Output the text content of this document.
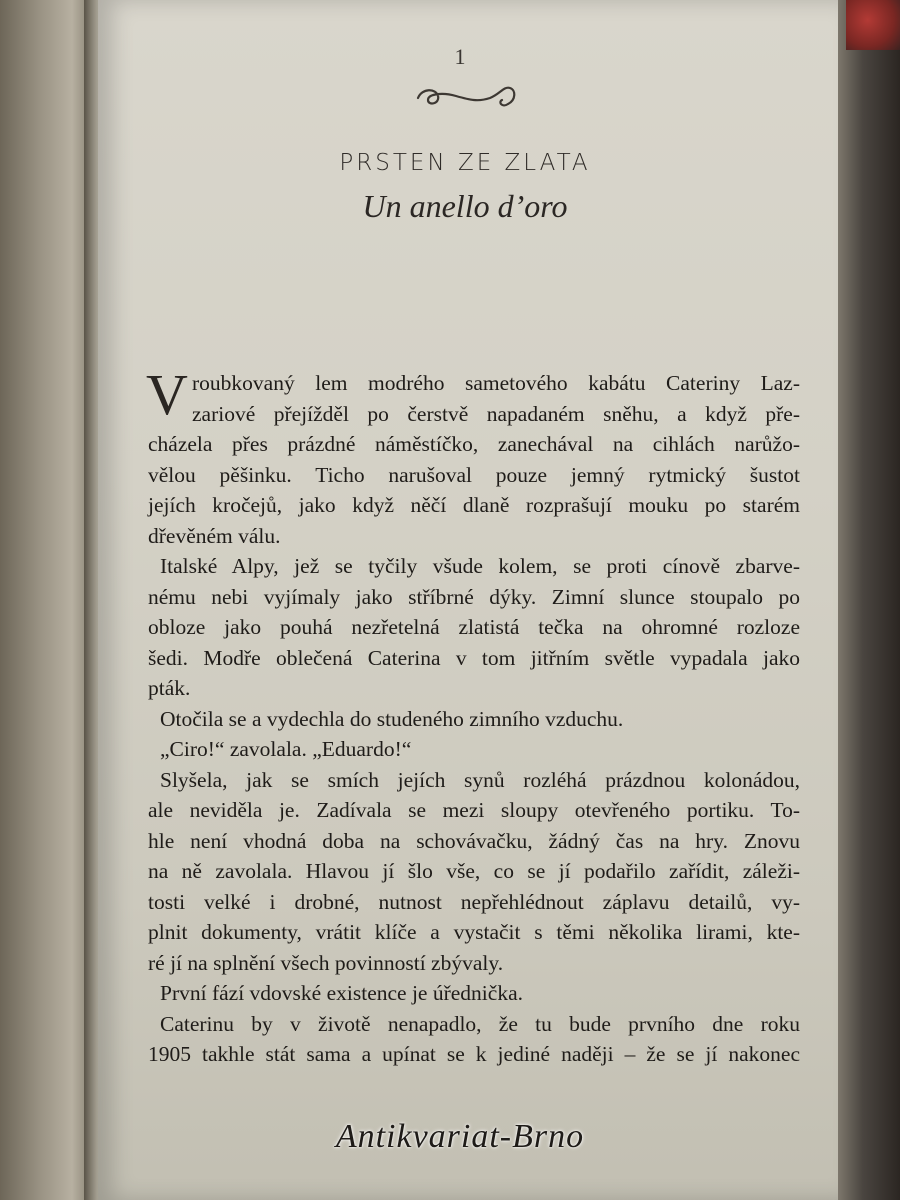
1
PRSTEN ZE ZLATA
Un anello d’oro
V roubkovaný lem modrého sametového kabátu Cateriny Laz-
zariové přejížděl po čerstvě napadaném sněhu, a když pře-
cházela přes prázdné náměstíčko, zanechával na cihlách narůžo-
vělou pěšinku. Ticho narušoval pouze jemný rytmický šustot
jejích kročejů, jako když něčí dlaně rozprašují mouku po starém
dřevěném válu.
Italské Alpy, jež se tyčily všude kolem, se proti cínově zbarve-
nému nebi vyjímaly jako stříbrné dýky. Zimní slunce stoupalo po
obloze jako pouhá nezřetelná zlatistá tečka na ohromné rozloze
šedi. Modře oblečená Caterina v tom jitřním světle vypadala jako
pták.
Otočila se a vydechla do studeného zimního vzduchu.
„Ciro!“ zavolala. „Eduardo!“
Slyšela, jak se smích jejích synů rozléhá prázdnou kolonádou,
ale neviděla je. Zadívala se mezi sloupy otevřeného portiku. To-
hle není vhodná doba na schovávačku, žádný čas na hry. Znovu
na ně zavolala. Hlavou jí šlo vše, co se jí podařilo zařídit, záleži-
tosti velké i drobné, nutnost nepřehlédnout záplavu detailů, vy-
plnit dokumenty, vrátit klíče a vystačit s těmi několika lirami, kte-
ré jí na splnění všech povinností zbývaly.
První fází vdovské existence je úřednička.
Caterinu by v životě nenapadlo, že tu bude prvního dne roku
1905 takhle stát sama a upínat se k jediné naději – že se jí nakonec
Antikvariat-Brno
